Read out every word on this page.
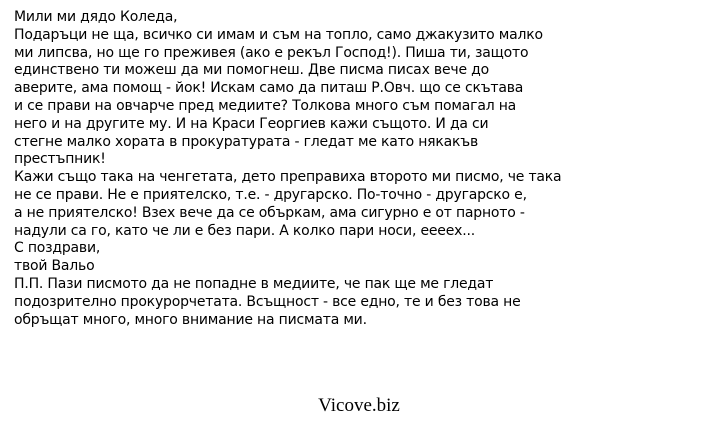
Мили ми дядо Коледа,
Подаръци не ща, всичко си имам и съм на топло, само джакузито малко
ми липсва, но ще го преживея (ако е рекъл Господ!). Пиша ти, защото
единствено ти можеш да ми помогнеш. Две писма писах вече до
аверите, ама помощ - йок! Искам само да питаш Р.Овч. що се скътава
и се прави на овчарче пред медиите? Толкова много съм помагал на
него и на другите му. И на Краси Георгиев кажи същото. И да си
стегне малко хората в прокуратурата - гледат ме като някакъв
престъпник!
Кажи също така на ченгетата, дето преправиха второто ми писмо, че така
не се прави. Не е приятелско, т.е. - другарско. По-точно - другарско е,
а не приятелско! Взех вече да се объркам, ама сигурно е от парното -
надули са го, като че ли е без пари. А колко пари носи, ееееx...
С поздрави,
твой Вальо
П.П. Пази писмото да не попадне в медиите, че пак ще ме гледат
подозрително прокурорчетата. Всъщност - все едно, те и без това не
обръщат много, много внимание на писмата ми.
Vicove.biz
